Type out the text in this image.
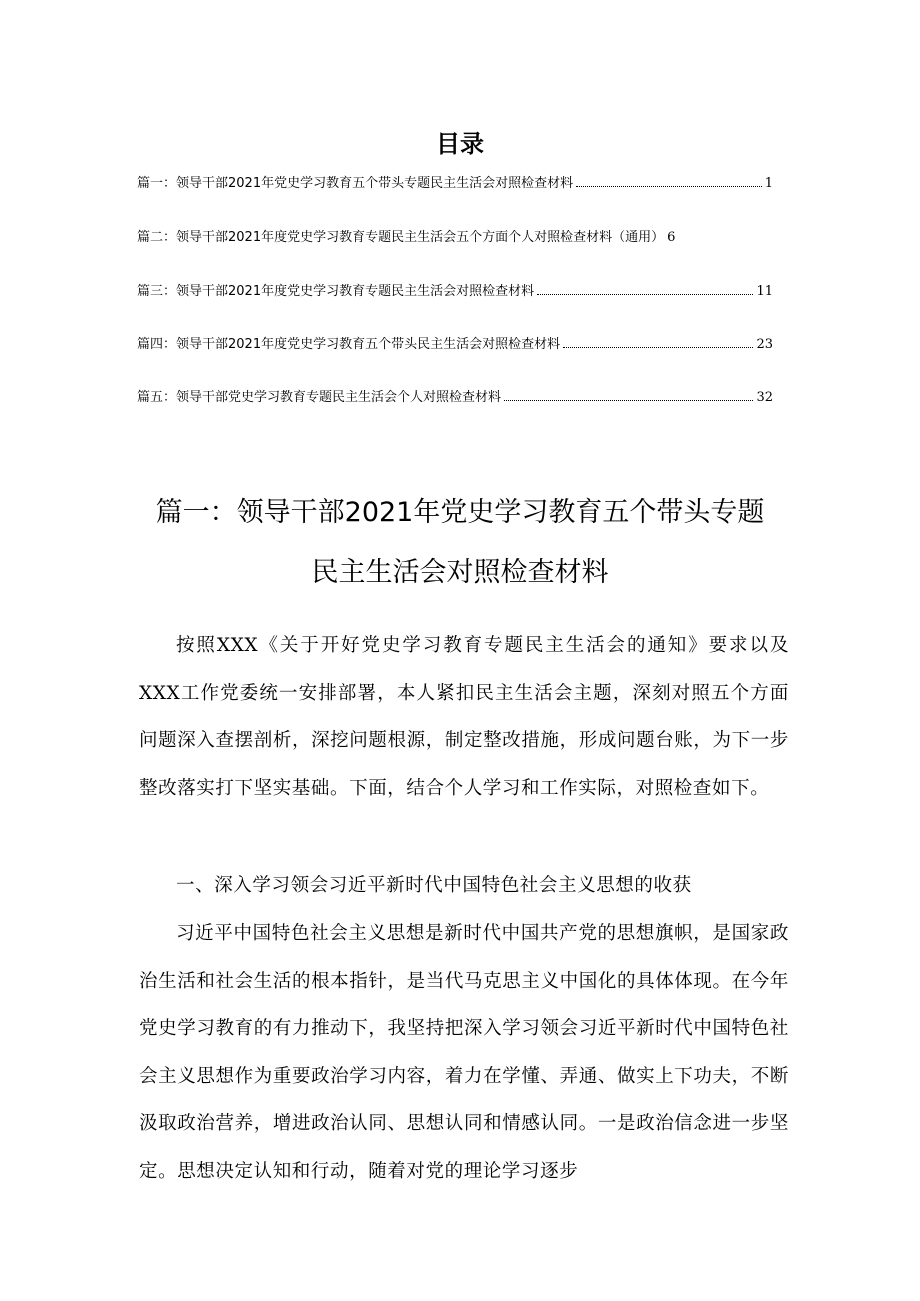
目录
篇一：领导干部2021年党史学习教育五个带头专题民主生活会对照检查材料	1
篇二：领导干部2021年度党史学习教育专题民主生活会五个方面个人对照检查材料（通用） 6
篇三：领导干部2021年度党史学习教育专题民主生活会对照检查材料	11
篇四：领导干部2021年度党史学习教育五个带头民主生活会对照检查材料	23
篇五：领导干部党史学习教育专题民主生活会个人对照检查材料	32
篇一：领导干部2021年党史学习教育五个带头专题
民主生活会对照检查材料
按照XXX《关于开好党史学习教育专题民主生活会的通知》要求以及XXX工作党委统一安排部署，本人紧扣民主生活会主题，深刻对照五个方面问题深入查摆剖析，深挖问题根源，制定整改措施，形成问题台账，为下一步整改落实打下坚实基础。下面，结合个人学习和工作实际，对照检查如下。
一、深入学习领会习近平新时代中国特色社会主义思想的收获
习近平中国特色社会主义思想是新时代中国共产党的思想旗帜，是国家政治生活和社会生活的根本指针，是当代马克思主义中国化的具体体现。在今年党史学习教育的有力推动下，我坚持把深入学习领会习近平新时代中国特色社会主义思想作为重要政治学习内容，着力在学懂、弄通、做实上下功夫，不断汲取政治营养，增进政治认同、思想认同和情感认同。一是政治信念进一步坚定。思想决定认知和行动，随着对党的理论学习逐步
